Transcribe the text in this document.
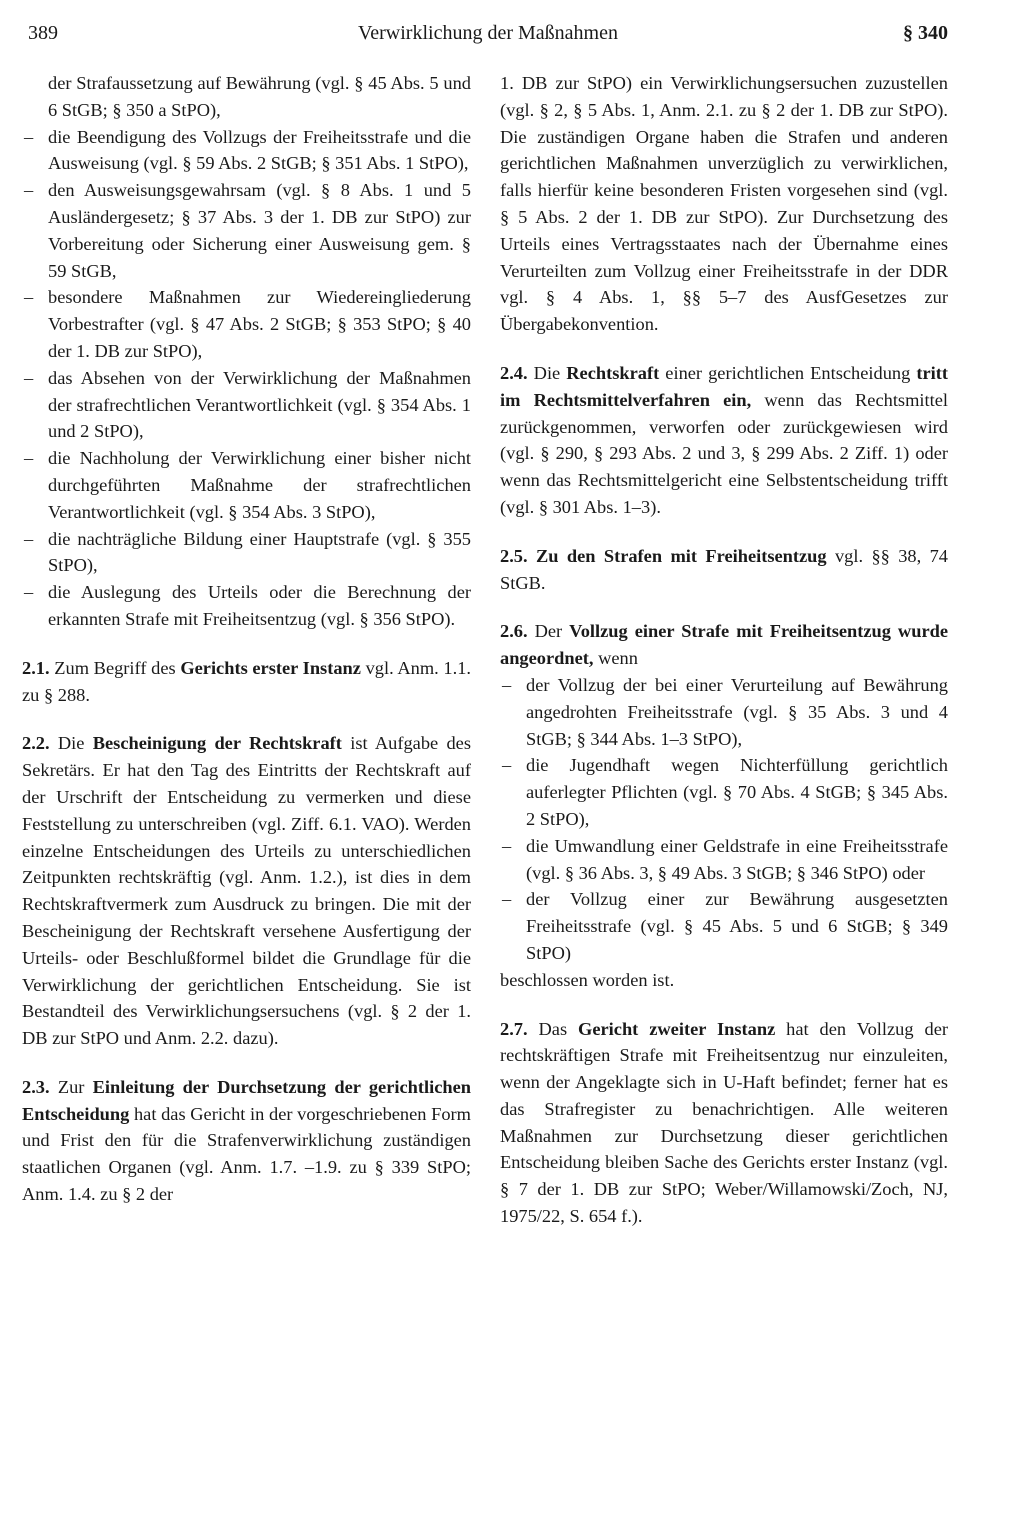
389	Verwirklichung der Maßnahmen	§ 340

der Strafaussetzung auf Bewährung (vgl. § 45 Abs. 5 und 6 StGB; § 350 a StPO),

– die Beendigung des Vollzugs der Freiheitsstrafe und die Ausweisung (vgl. § 59 Abs. 2 StGB; § 351 Abs. 1 StPO),
– den Ausweisungsgewahrsam (vgl. § 8 Abs. 1 und 5 Ausländergesetz; § 37 Abs. 3 der 1. DB zur StPO) zur Vorbereitung oder Sicherung einer Ausweisung gem. § 59 StGB,
– besondere Maßnahmen zur Wiedereingliederung Vorbestrafter (vgl. § 47 Abs. 2 StGB; § 353 StPO; § 40 der 1. DB zur StPO),
– das Absehen von der Verwirklichung der Maßnahmen der strafrechtlichen Verantwortlichkeit (vgl. § 354 Abs. 1 und 2 StPO),
– die Nachholung der Verwirklichung einer bisher nicht durchgeführten Maßnahme der strafrechtlichen Verantwortlichkeit (vgl. § 354 Abs. 3 StPO),
– die nachträgliche Bildung einer Hauptstrafe (vgl. § 355 StPO),
– die Auslegung des Urteils oder die Berechnung der erkannten Strafe mit Freiheitsentzug (vgl. § 356 StPO).

2.1. Zum Begriff des Gerichts erster Instanz vgl. Anm. 1.1. zu § 288.

2.2. Die Bescheinigung der Rechtskraft ist Aufgabe des Sekretärs. Er hat den Tag des Eintritts der Rechtskraft auf der Urschrift der Entscheidung zu vermerken und diese Feststellung zu unterschreiben (vgl. Ziff. 6.1. VAO). Werden einzelne Entscheidungen des Urteils zu unterschiedlichen Zeitpunkten rechtskräftig (vgl. Anm. 1.2.), ist dies in dem Rechtskraftvermerk zum Ausdruck zu bringen. Die mit der Bescheinigung der Rechtskraft versehene Ausfertigung der Urteils- oder Beschlußformel bildet die Grundlage für die Verwirklichung der gerichtlichen Entscheidung. Sie ist Bestandteil des Verwirklichungsersuchens (vgl. § 2 der 1. DB zur StPO und Anm. 2.2. dazu).

2.3. Zur Einleitung der Durchsetzung der gerichtlichen Entscheidung hat das Gericht in der vorgeschriebenen Form und Frist den für die Strafenverwirklichung zuständigen staatlichen Organen (vgl. Anm. 1.7. –1.9. zu § 339 StPO; Anm. 1.4. zu § 2 der

1. DB zur StPO) ein Verwirklichungsersuchen zuzustellen (vgl. § 2, § 5 Abs. 1, Anm. 2.1. zu § 2 der 1. DB zur StPO). Die zuständigen Organe haben die Strafen und anderen gerichtlichen Maßnahmen unverzüglich zu verwirklichen, falls hierfür keine besonderen Fristen vorgesehen sind (vgl. § 5 Abs. 2 der 1. DB zur StPO). Zur Durchsetzung des Urteils eines Vertragsstaates nach der Übernahme eines Verurteilten zum Vollzug einer Freiheitsstrafe in der DDR vgl. § 4 Abs. 1, §§ 5–7 des AusfGesetzes zur Übergabekonvention.

2.4. Die Rechtskraft einer gerichtlichen Entscheidung tritt im Rechtsmittelverfahren ein, wenn das Rechtsmittel zurückgenommen, verworfen oder zurückgewiesen wird (vgl. § 290, § 293 Abs. 2 und 3, § 299 Abs. 2 Ziff. 1) oder wenn das Rechtsmittelgericht eine Selbstentscheidung trifft (vgl. § 301 Abs. 1–3).

2.5. Zu den Strafen mit Freiheitsentzug vgl. §§ 38, 74 StGB.

2.6. Der Vollzug einer Strafe mit Freiheitsentzug wurde angeordnet, wenn

– der Vollzug der bei einer Verurteilung auf Bewährung angedrohten Freiheitsstrafe (vgl. § 35 Abs. 3 und 4 StGB; § 344 Abs. 1–3 StPO),
– die Jugendhaft wegen Nichterfüllung gerichtlich auferlegter Pflichten (vgl. § 70 Abs. 4 StGB; § 345 Abs. 2 StPO),
– die Umwandlung einer Geldstrafe in eine Freiheitsstrafe (vgl. § 36 Abs. 3, § 49 Abs. 3 StGB; § 346 StPO) oder
– der Vollzug einer zur Bewährung ausgesetzten Freiheitsstrafe (vgl. § 45 Abs. 5 und 6 StGB; § 349 StPO)

beschlossen worden ist.

2.7. Das Gericht zweiter Instanz hat den Vollzug der rechtskräftigen Strafe mit Freiheitsentzug nur einzuleiten, wenn der Angeklagte sich in U-Haft befindet; ferner hat es das Strafregister zu benachrichtigen. Alle weiteren Maßnahmen zur Durchsetzung dieser gerichtlichen Entscheidung bleiben Sache des Gerichts erster Instanz (vgl. § 7 der 1. DB zur StPO; Weber/Willamowski/Zoch, NJ, 1975/22, S. 654 f.).
